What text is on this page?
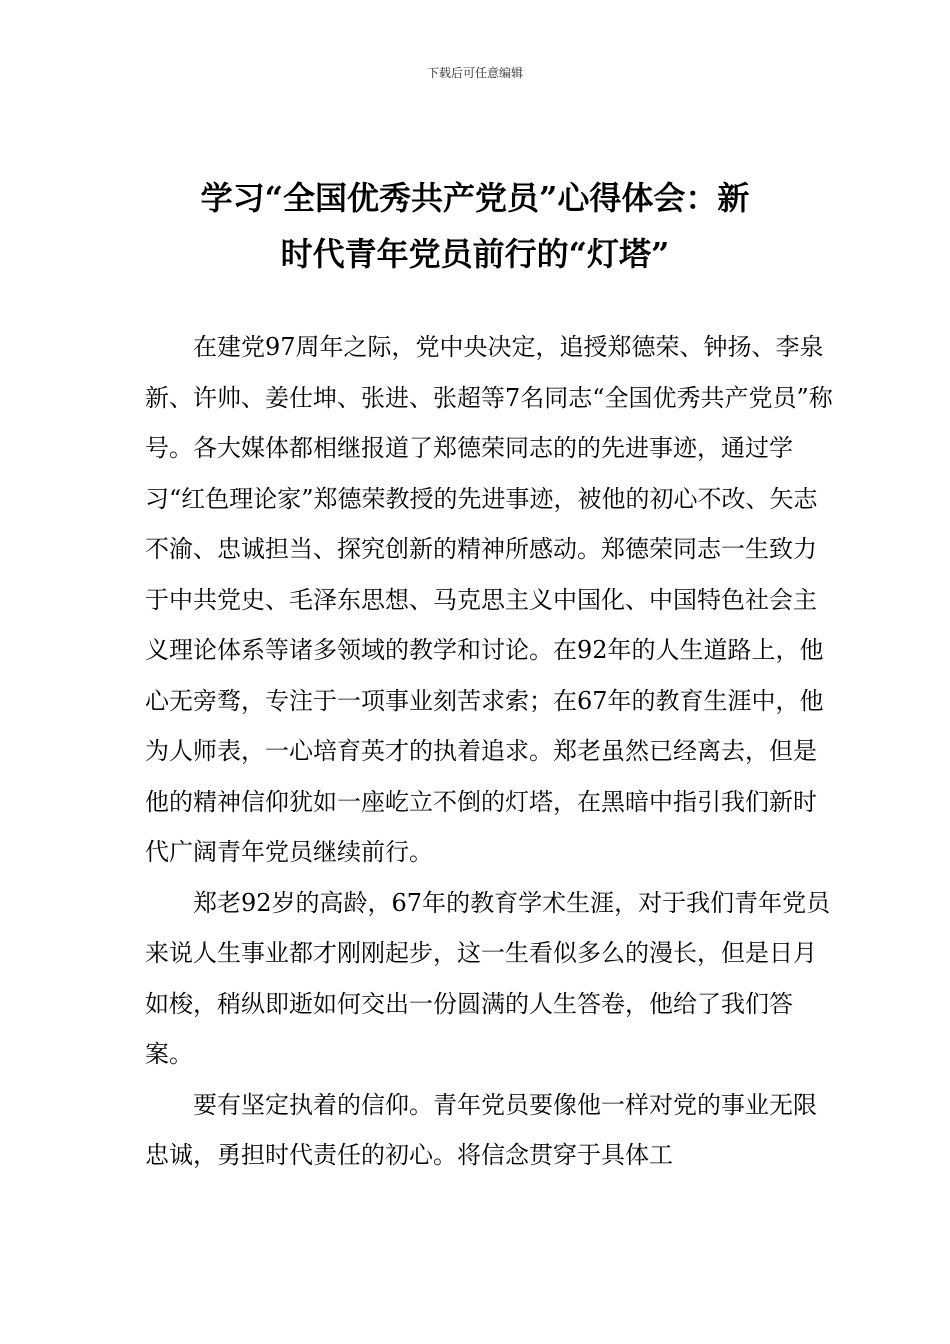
下载后可任意编辑
学习“全国优秀共产党员”心得体会：新
时代青年党员前行的“灯塔”

在建党97周年之际，党中央决定，追授郑德荣、钟扬、李泉新、许帅、姜仕坤、张进、张超等7名同志“全国优秀共产党员”称号。各大媒体都相继报道了郑德荣同志的的先进事迹，通过学习“红色理论家”郑德荣教授的先进事迹，被他的初心不改、矢志不渝、忠诚担当、探究创新的精神所感动。郑德荣同志一生致力于中共党史、毛泽东思想、马克思主义中国化、中国特色社会主义理论体系等诸多领域的教学和讨论。在92年的人生道路上，他心无旁骛，专注于一项事业刻苦求索；在67年的教育生涯中，他为人师表，一心培育英才的执着追求。郑老虽然已经离去，但是他的精神信仰犹如一座屹立不倒的灯塔，在黑暗中指引我们新时代广阔青年党员继续前行。

郑老92岁的高龄，67年的教育学术生涯，对于我们青年党员来说人生事业都才刚刚起步，这一生看似多么的漫长，但是日月如梭，稍纵即逝如何交出一份圆满的人生答卷，他给了我们答案。

要有坚定执着的信仰。青年党员要像他一样对党的事业无限忠诚，勇担时代责任的初心。将信念贯穿于具体工
